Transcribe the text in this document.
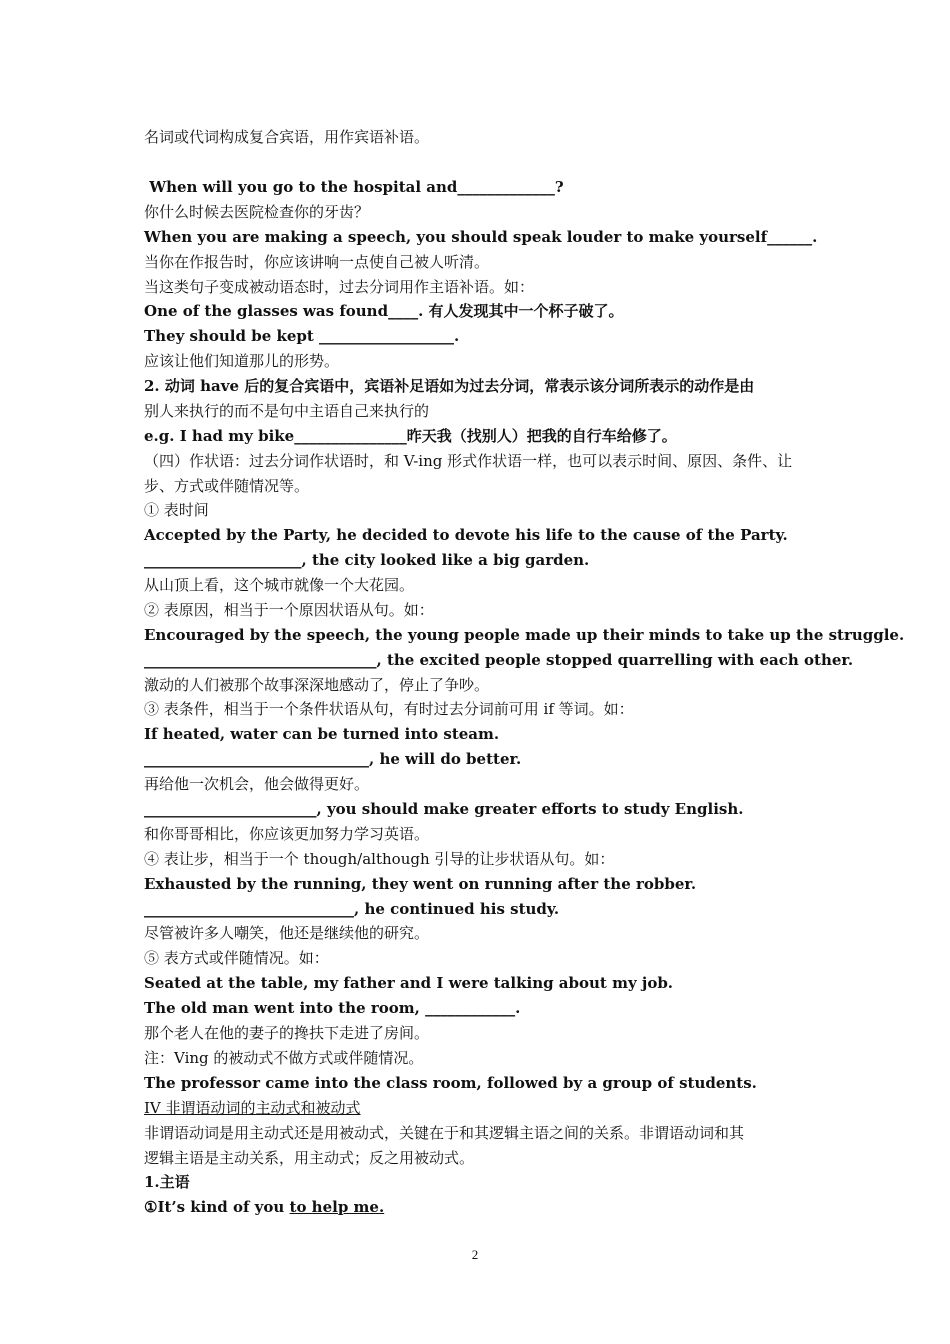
名词或代词构成复合宾语，用作宾语补语。
When will you go to the hospital and_____________?
你什么时候去医院检查你的牙齿？
When you are making a speech, you should speak louder to make yourself______.
当你在作报告时，你应该讲响一点使自己被人听清。
当这类句子变成被动语态时，过去分词用作主语补语。如：
One of the glasses was found____. 有人发现其中一个杯子破了。
They should be kept __________________.
应该让他们知道那儿的形势。
2. 动词 have 后的复合宾语中，宾语补足语如为过去分词，常表示该分词所表示的动作是由
别人来执行的而不是句中主语自己来执行的
e.g. I had my bike_______________昨天我（找别人）把我的自行车给修了。
（四）作状语：过去分词作状语时，和 V-ing 形式作状语一样，也可以表示时间、原因、条件、让
步、方式或伴随情况等。
① 表时间
Accepted by the Party, he decided to devote his life to the cause of the Party.
_____________________, the city looked like a big garden.
从山顶上看，这个城市就像一个大花园。
② 表原因，相当于一个原因状语从句。如：
Encouraged by the speech, the young people made up their minds to take up the struggle.
_______________________________, the excited people stopped quarrelling with each other.
激动的人们被那个故事深深地感动了，停止了争吵。
③ 表条件，相当于一个条件状语从句，有时过去分词前可用 if 等词。如：
If heated, water can be turned into steam.
______________________________, he will do better.
再给他一次机会，他会做得更好。
_______________________, you should make greater efforts to study English.
和你哥哥相比，你应该更加努力学习英语。
④ 表让步，相当于一个 though/although 引导的让步状语从句。如：
Exhausted by the running, they went on running after the robber.
____________________________, he continued his study.
尽管被许多人嘲笑，他还是继续他的研究。
⑤ 表方式或伴随情况。如：
Seated at the table, my father and I were talking about my job.
The old man went into the room, ____________.
那个老人在他的妻子的搀扶下走进了房间。
注：Ving 的被动式不做方式或伴随情况。
The professor came into the class room, followed by a group of students.
IV 非谓语动词的主动式和被动式
非谓语动词是用主动式还是用被动式，关键在于和其逻辑主语之间的关系。非谓语动词和其
逻辑主语是主动关系，用主动式；反之用被动式。
1.主语
①It’s kind of you to help me.
2
